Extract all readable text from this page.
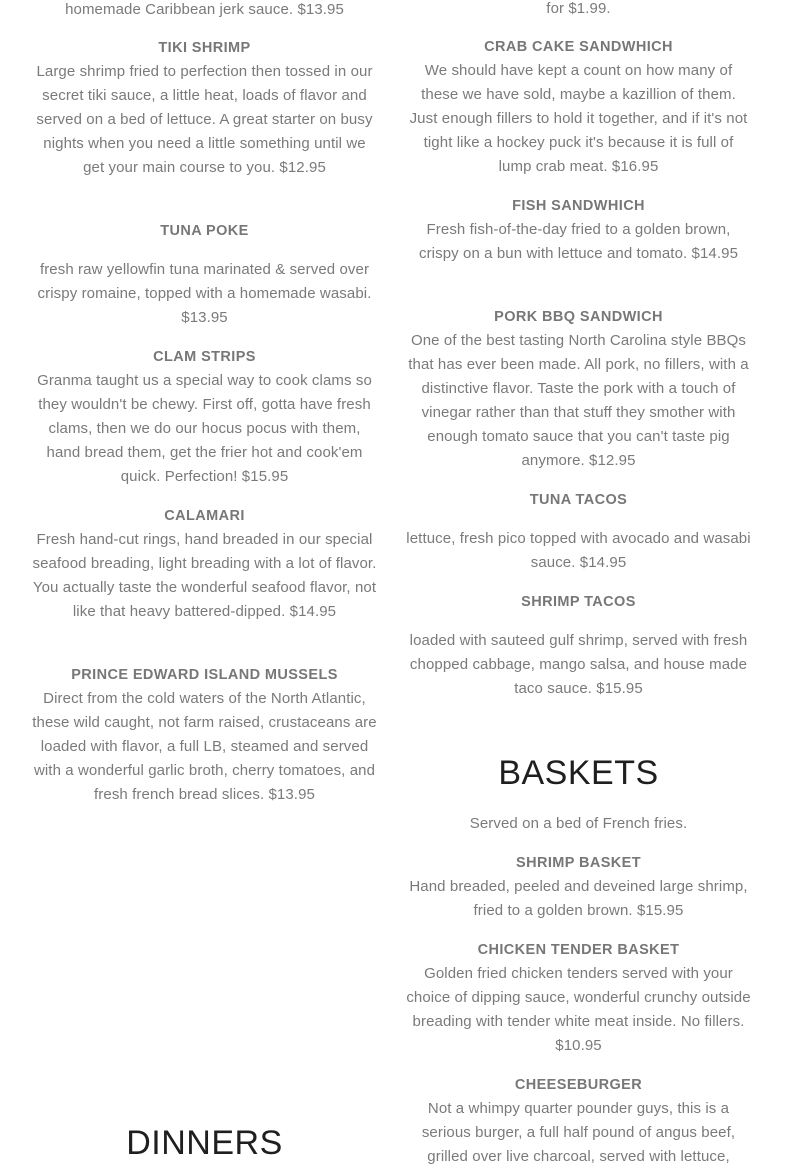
homemade Caribbean jerk sauce. $13.95

TIKI SHRIMP

Large shrimp fried to perfection then tossed in our secret tiki sauce, a little heat, loads of flavor and served on a bed of lettuce. A great starter on busy nights when you need a little something until we get your main course to you. $12.95

TUNA POKE

fresh raw yellowfin tuna marinated & served over crispy romaine, topped with a homemade wasabi. $13.95

CLAM STRIPS

Granma taught us a special way to cook clams so they wouldn't be chewy. First off, gotta have fresh clams, then we do our hocus pocus with them, hand bread them, get the frier hot and cook'em quick. Perfection! $15.95

CALAMARI

Fresh hand-cut rings, hand breaded in our special seafood breading, light breading with a lot of flavor. You actually taste the wonderful seafood flavor, not like that heavy battered-dipped. $14.95

PRINCE EDWARD ISLAND MUSSELS

Direct from the cold waters of the North Atlantic, these wild caught, not farm raised, crustaceans are loaded with flavor, a full LB, steamed and served with a wonderful garlic broth, cherry tomatoes, and fresh french bread slices. $13.95

DINNERS

for $1.99.

CRAB CAKE SANDWHICH

We should have kept a count on how many of these we have sold, maybe a kazillion of them. Just enough fillers to hold it together, and if it's not tight like a hockey puck it's because it is full of lump crab meat. $16.95

FISH SANDWHICH

Fresh fish-of-the-day fried to a golden brown, crispy on a bun with lettuce and tomato. $14.95

PORK BBQ SANDWICH

One of the best tasting North Carolina style BBQs that has ever been made. All pork, no fillers, with a distinctive flavor. Taste the pork with a touch of vinegar rather than that stuff they smother with enough tomato sauce that you can't taste pig anymore. $12.95

TUNA TACOS

lettuce, fresh pico topped with avocado and wasabi sauce. $14.95

SHRIMP TACOS

loaded with sauteed gulf shrimp, served with fresh chopped cabbage, mango salsa, and house made taco sauce. $15.95

BASKETS

Served on a bed of French fries.

SHRIMP BASKET

Hand breaded, peeled and deveined large shrimp, fried to a golden brown. $15.95

CHICKEN TENDER BASKET

Golden fried chicken tenders served with your choice of dipping sauce, wonderful crunchy outside breading with tender white meat inside. No fillers. $10.95

CHEESEBURGER

Not a whimpy quarter pounder guys, this is a serious burger, a full half pound of angus beef, grilled over live charcoal, served with lettuce,
